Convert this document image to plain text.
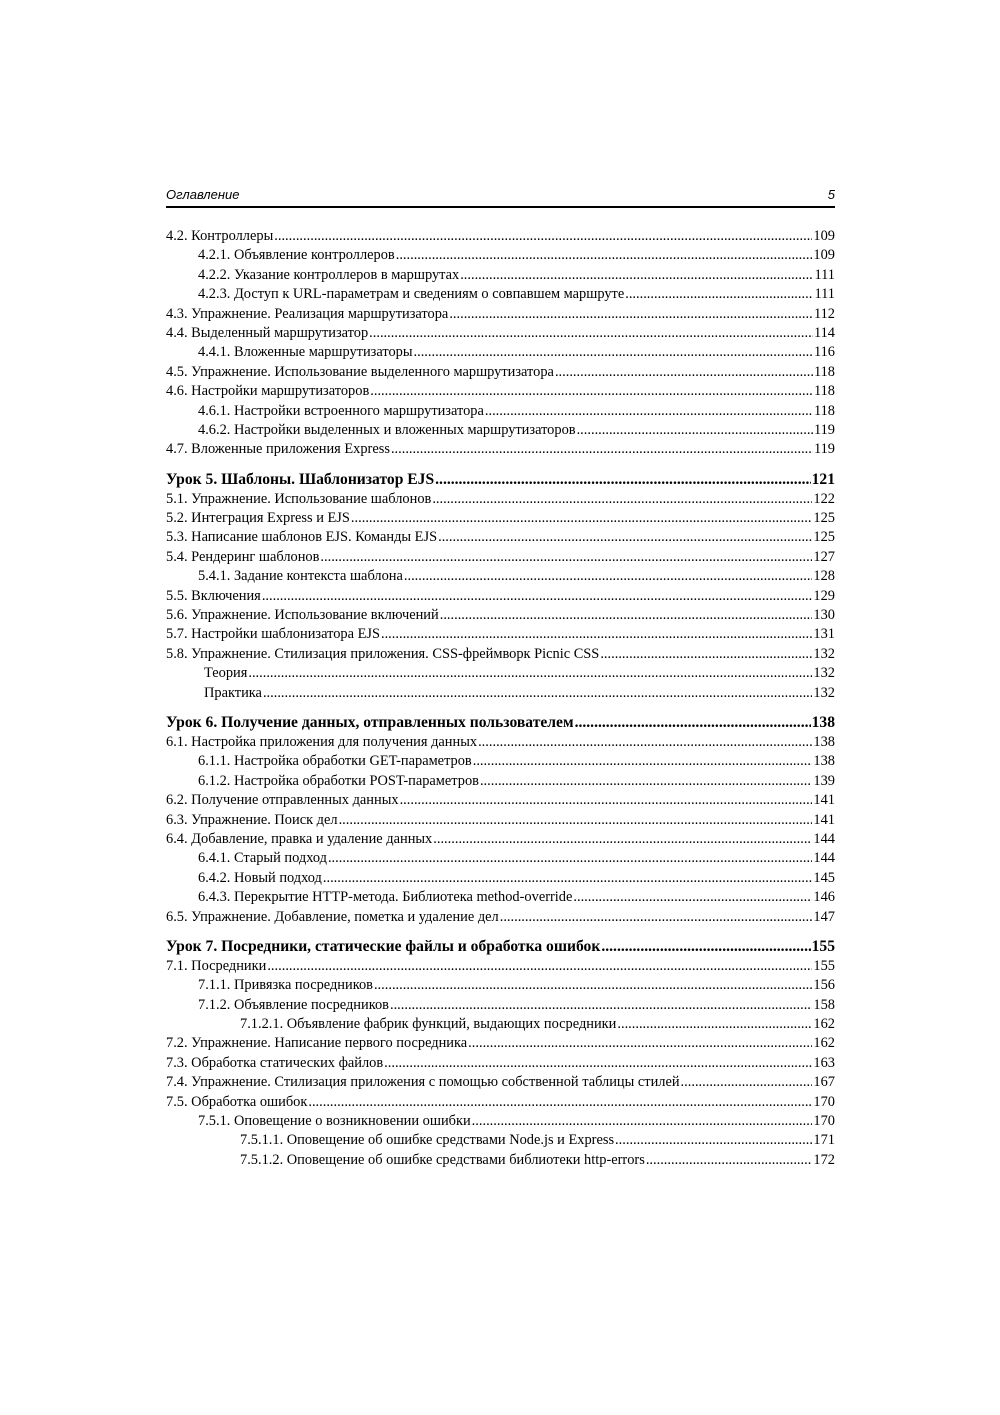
Оглавление	5
4.2. Контроллеры .....	109
4.2.1. Объявление контроллеров .....	109
4.2.2. Указание контроллеров в маршрутах .....	111
4.2.3. Доступ к URL-параметрам и сведениям о совпавшем маршруте .....	111
4.3. Упражнение. Реализация маршрутизатора .....	112
4.4. Выделенный маршрутизатор .....	114
4.4.1. Вложенные маршрутизаторы .....	116
4.5. Упражнение. Использование выделенного маршрутизатора .....	118
4.6. Настройки маршрутизаторов .....	118
4.6.1. Настройки встроенного маршрутизатора .....	118
4.6.2. Настройки выделенных и вложенных маршрутизаторов .....	119
4.7. Вложенные приложения Express .....	119
Урок 5. Шаблоны. Шаблонизатор EJS .....	121
5.1. Упражнение. Использование шаблонов .....	122
5.2. Интеграция Express и EJS .....	125
5.3. Написание шаблонов EJS. Команды EJS .....	125
5.4. Рендеринг шаблонов .....	127
5.4.1. Задание контекста шаблона .....	128
5.5. Включения .....	129
5.6. Упражнение. Использование включений .....	130
5.7. Настройки шаблонизатора EJS .....	131
5.8. Упражнение. Стилизация приложения. CSS-фреймворк Picnic CSS .....	132
Теория .....	132
Практика .....	132
Урок 6. Получение данных, отправленных пользователем .....	138
6.1. Настройка приложения для получения данных .....	138
6.1.1. Настройка обработки GET-параметров .....	138
6.1.2. Настройка обработки POST-параметров .....	139
6.2. Получение отправленных данных .....	141
6.3. Упражнение. Поиск дел .....	141
6.4. Добавление, правка и удаление данных .....	144
6.4.1. Старый подход .....	144
6.4.2. Новый подход .....	145
6.4.3. Перекрытие HTTP-метода. Библиотека method-override .....	146
6.5. Упражнение. Добавление, пометка и удаление дел .....	147
Урок 7. Посредники, статические файлы и обработка ошибок .....	155
7.1. Посредники .....	155
7.1.1. Привязка посредников .....	156
7.1.2. Объявление посредников .....	158
7.1.2.1. Объявление фабрик функций, выдающих посредники .....	162
7.2. Упражнение. Написание первого посредника .....	162
7.3. Обработка статических файлов .....	163
7.4. Упражнение. Стилизация приложения с помощью собственной таблицы стилей .....	167
7.5. Обработка ошибок .....	170
7.5.1. Оповещение о возникновении ошибки .....	170
7.5.1.1. Оповещение об ошибке средствами Node.js и Express .....	171
7.5.1.2. Оповещение об ошибке средствами библиотеки http-errors .....	172
